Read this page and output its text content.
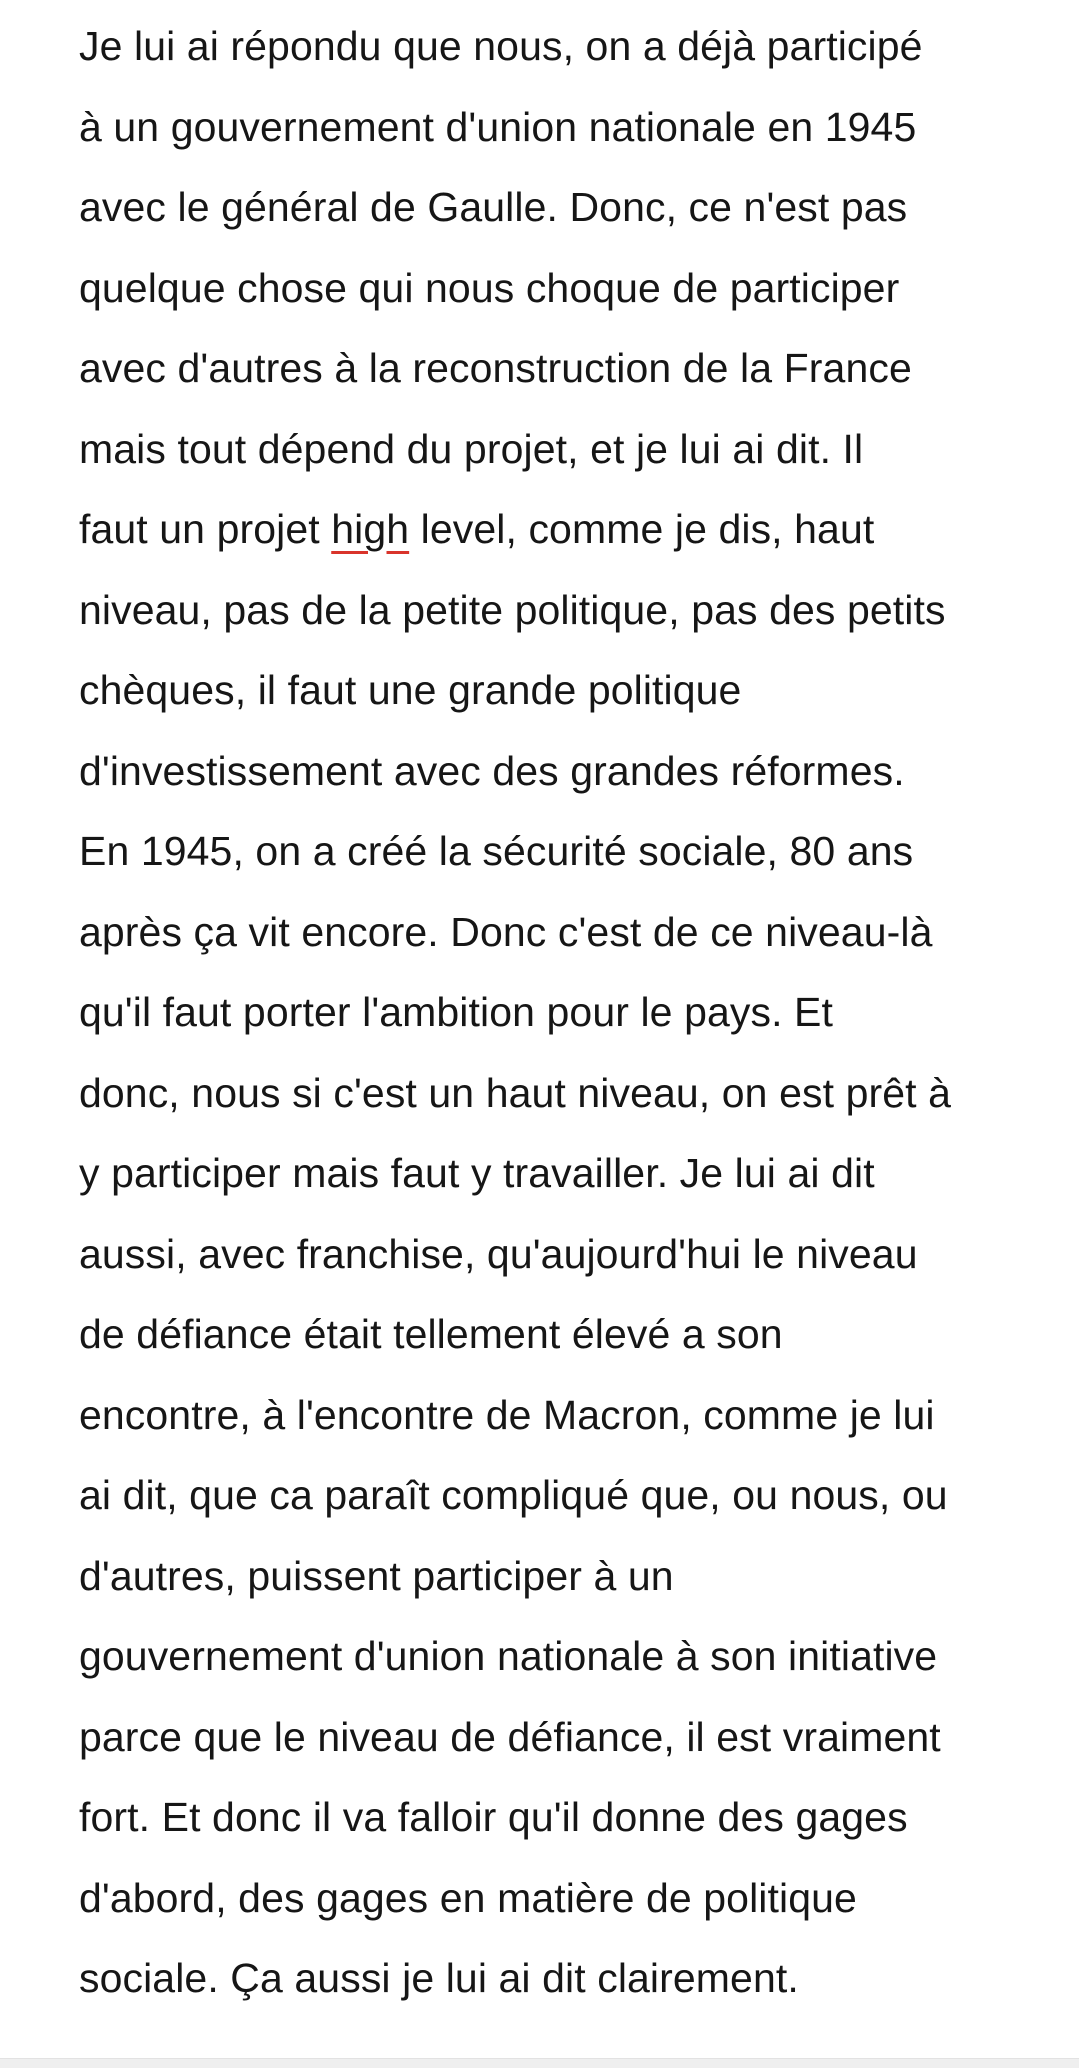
Je lui ai répondu que nous, on a déjà participé
à un gouvernement d'union nationale en 1945
avec le général de Gaulle. Donc, ce n'est pas
quelque chose qui nous choque de participer
avec d'autres à la reconstruction de la France
mais tout dépend du projet, et je lui ai dit. Il
faut un projet high level, comme je dis, haut
niveau, pas de la petite politique, pas des petits
chèques, il faut une grande politique
d'investissement avec des grandes réformes.
En 1945, on a créé la sécurité sociale, 80 ans
après ça vit encore. Donc c'est de ce niveau-là
qu'il faut porter l'ambition pour le pays. Et
donc, nous si c'est un haut niveau, on est prêt à
y participer mais faut y travailler. Je lui ai dit
aussi, avec franchise, qu'aujourd'hui le niveau
de défiance était tellement élevé a son
encontre, à l'encontre de Macron, comme je lui
ai dit, que ca paraît compliqué que, ou nous, ou
d'autres, puissent participer à un
gouvernement d'union nationale à son initiative
parce que le niveau de défiance, il est vraiment
fort. Et donc il va falloir qu'il donne des gages
d'abord, des gages en matière de politique
sociale. Ça aussi je lui ai dit clairement.
